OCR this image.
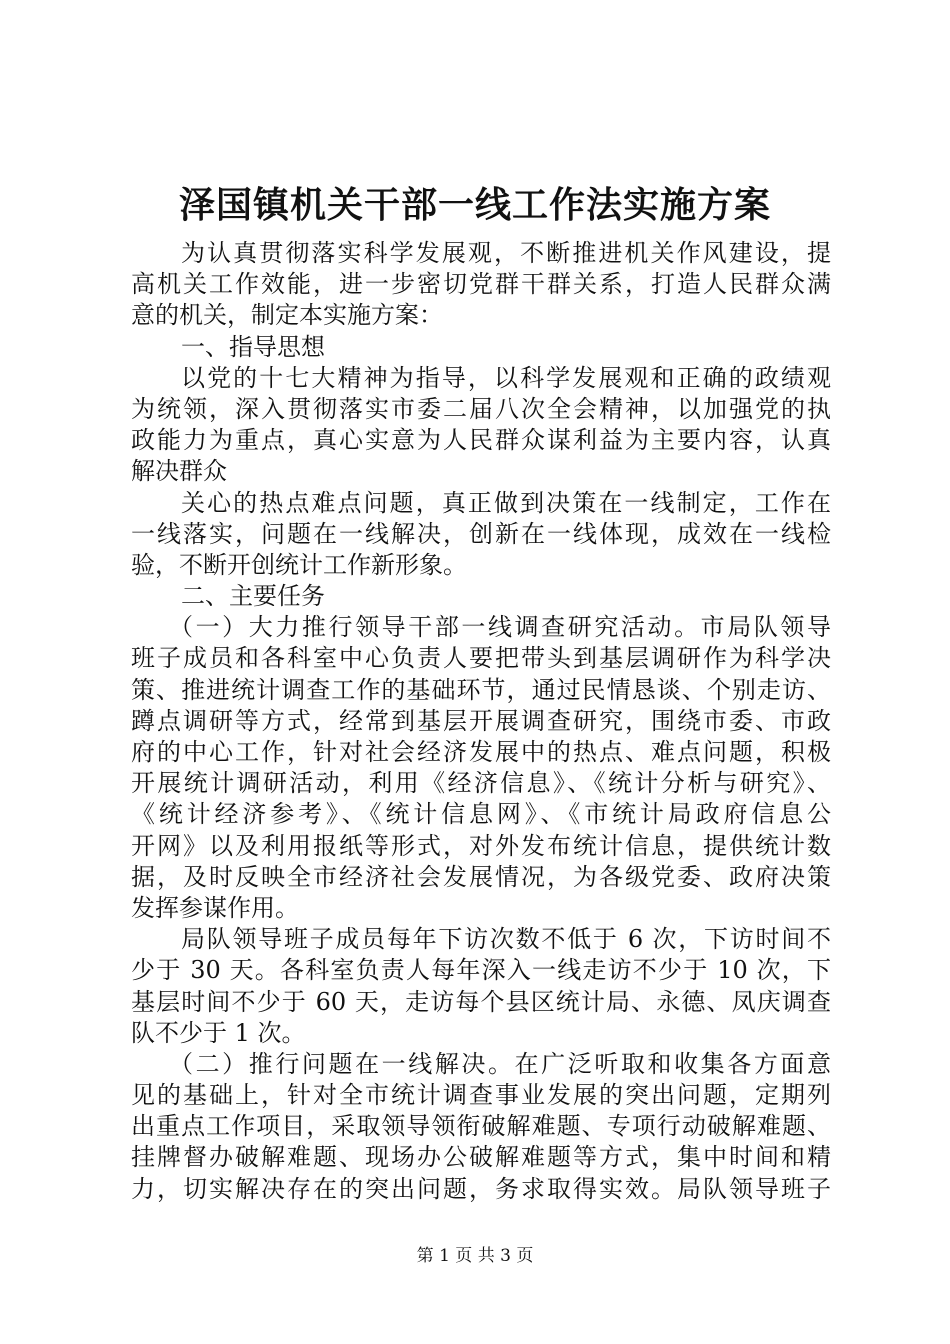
泽国镇机关干部一线工作法实施方案
为认真贯彻落实科学发展观，不断推进机关作风建设，提
高机关工作效能，进一步密切党群干群关系，打造人民群众满
意的机关，制定本实施方案：
一、指导思想
以党的十七大精神为指导，以科学发展观和正确的政绩观
为统领，深入贯彻落实市委二届八次全会精神，以加强党的执
政能力为重点，真心实意为人民群众谋利益为主要内容，认真
解决群众
关心的热点难点问题，真正做到决策在一线制定，工作在
一线落实，问题在一线解决，创新在一线体现，成效在一线检
验，不断开创统计工作新形象。
二、主要任务
（一）大力推行领导干部一线调查研究活动。市局队领导
班子成员和各科室中心负责人要把带头到基层调研作为科学决
策、推进统计调查工作的基础环节，通过民情恳谈、个别走访、
蹲点调研等方式，经常到基层开展调查研究，围绕市委、市政
府的中心工作，针对社会经济发展中的热点、难点问题，积极
开展统计调研活动，利用《经济信息》、《统计分析与研究》、
《统计经济参考》、《统计信息网》、《市统计局政府信息公
开网》以及利用报纸等形式，对外发布统计信息，提供统计数
据，及时反映全市经济社会发展情况，为各级党委、政府决策
发挥参谋作用。
局队领导班子成员每年下访次数不低于 6 次，下访时间不
少于 30 天。各科室负责人每年深入一线走访不少于 10 次，下
基层时间不少于 60 天，走访每个县区统计局、永德、凤庆调查
队不少于 1 次。
（二）推行问题在一线解决。在广泛听取和收集各方面意
见的基础上，针对全市统计调查事业发展的突出问题，定期列
出重点工作项目，采取领导领衔破解难题、专项行动破解难题、
挂牌督办破解难题、现场办公破解难题等方式，集中时间和精
力，切实解决存在的突出问题，务求取得实效。局队领导班子
第 1 页 共 3 页
